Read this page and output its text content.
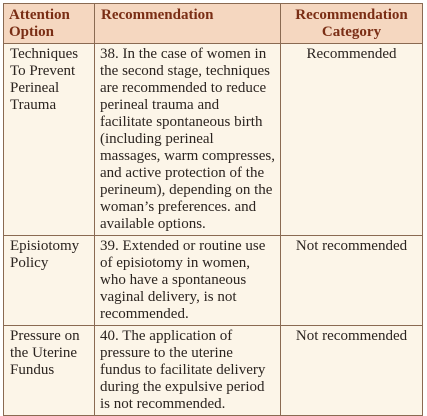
Attention Option	Recommendation	Recommendation Category
Techniques To Prevent Perineal Trauma	38. In the case of women in the second stage, techniques are recommended to reduce perineal trauma and facilitate spontaneous birth (including perineal massages, warm compresses, and active protection of the perineum), depending on the woman’s preferences. and available options.	Recommended
Episiotomy Policy	39. Extended or routine use of episiotomy in women, who have a spontaneous vaginal delivery, is not recommended.	Not recommended
Pressure on the Uterine Fundus	40. The application of pressure to the uterine fundus to facilitate delivery during the expulsive period is not recommended.	Not recommended
